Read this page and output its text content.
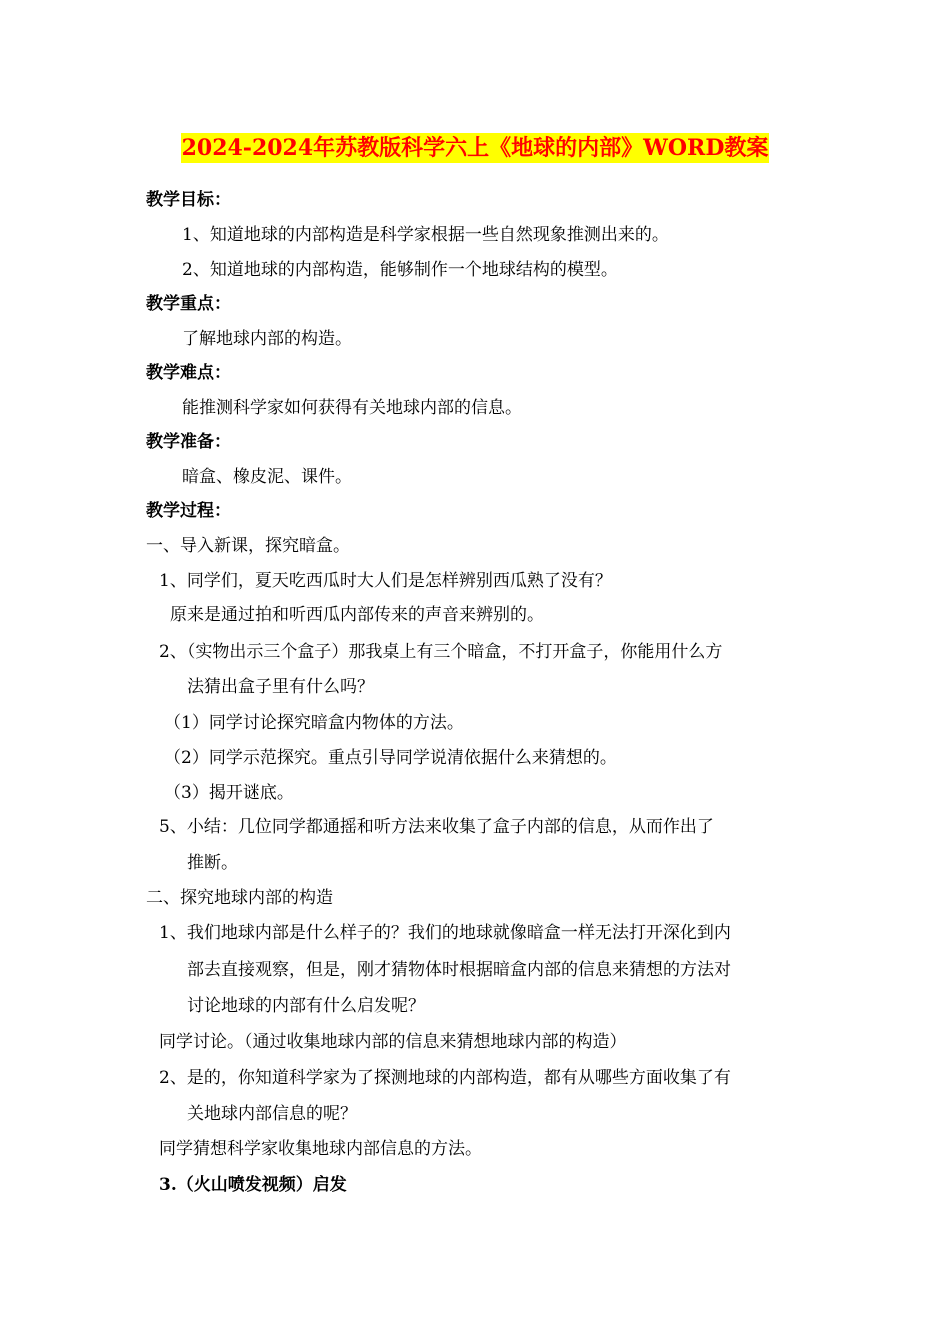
2024-2024年苏教版科学六上《地球的内部》WORD教案
教学目标：
1、知道地球的内部构造是科学家根据一些自然现象推测出来的。
2、知道地球的内部构造，能够制作一个地球结构的模型。
教学重点：
了解地球内部的构造。
教学难点：
能推测科学家如何获得有关地球内部的信息。
教学准备：
暗盒、橡皮泥、课件。
教学过程：
一、导入新课，探究暗盒。
1、同学们，夏天吃西瓜时大人们是怎样辨别西瓜熟了没有？
原来是通过拍和听西瓜内部传来的声音来辨别的。
2、（实物出示三个盒子）那我桌上有三个暗盒，不打开盒子，你能用什么方
法猜出盒子里有什么吗？
（1）同学讨论探究暗盒内物体的方法。
（2）同学示范探究。重点引导同学说清依据什么来猜想的。
（3）揭开谜底。
5、小结：几位同学都通摇和听方法来收集了盒子内部的信息，从而作出了
推断。
二、探究地球内部的构造
1、我们地球内部是什么样子的？我们的地球就像暗盒一样无法打开深化到内
部去直接观察，但是，刚才猜物体时根据暗盒内部的信息来猜想的方法对
讨论地球的内部有什么启发呢？
同学讨论。（通过收集地球内部的信息来猜想地球内部的构造）
2、是的，你知道科学家为了探测地球的内部构造，都有从哪些方面收集了有
关地球内部信息的呢？
同学猜想科学家收集地球内部信息的方法。
3.（火山喷发视频）启发
